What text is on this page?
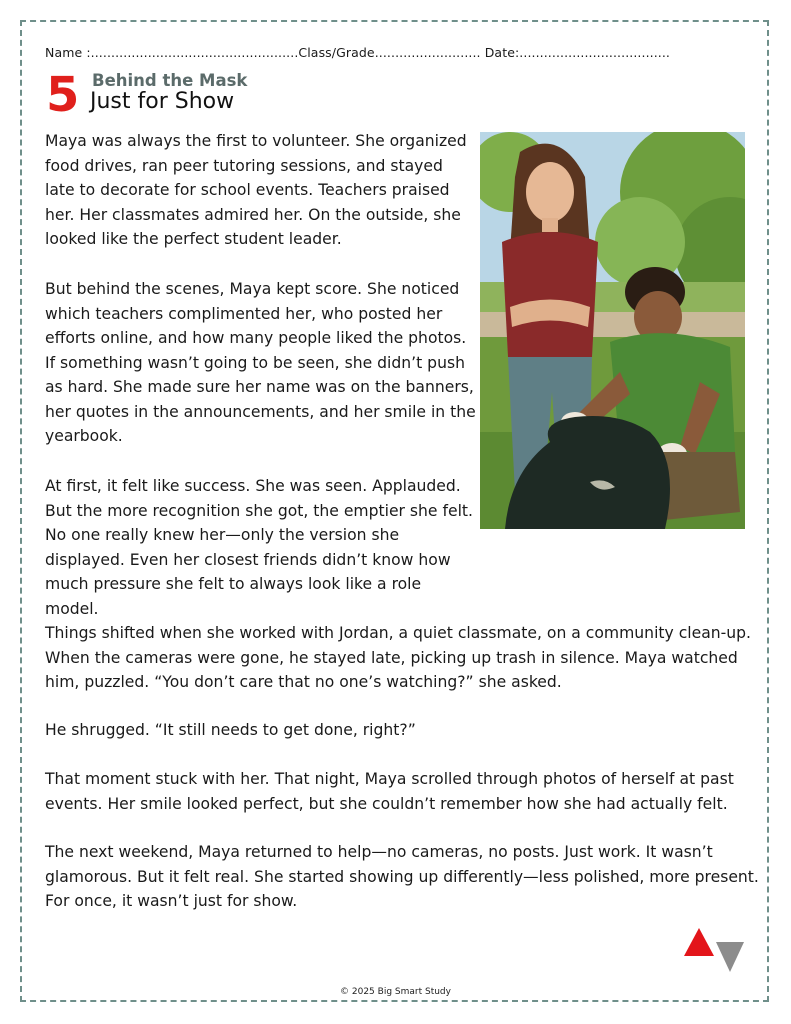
Name :...................................................Class/Grade.......................... Date:.....................................
5 Behind the Mask
Just for Show

Maya was always the first to volunteer. She organized food drives, ran peer tutoring sessions, and stayed late to decorate for school events. Teachers praised her. Her classmates admired her. On the outside, she looked like the perfect student leader.

But behind the scenes, Maya kept score. She noticed which teachers complimented her, who posted her efforts online, and how many people liked the photos. If something wasn’t going to be seen, she didn’t push as hard. She made sure her name was on the banners, her quotes in the announcements, and her smile in the yearbook.

At first, it felt like success. She was seen. Applauded. But the more recognition she got, the emptier she felt. No one really knew her—only the version she displayed. Even her closest friends didn’t know how much pressure she felt to always look like a role model.

Things shifted when she worked with Jordan, a quiet classmate, on a community clean-up. When the cameras were gone, he stayed late, picking up trash in silence. Maya watched him, puzzled. “You don’t care that no one’s watching?” she asked.

He shrugged. “It still needs to get done, right?”

That moment stuck with her. That night, Maya scrolled through photos of herself at past events. Her smile looked perfect, but she couldn’t remember how she had actually felt.

The next weekend, Maya returned to help—no cameras, no posts. Just work. It wasn’t glamorous. But it felt real. She started showing up differently—less polished, more present. For once, it wasn’t just for show.

© 2025 Big Smart Study
